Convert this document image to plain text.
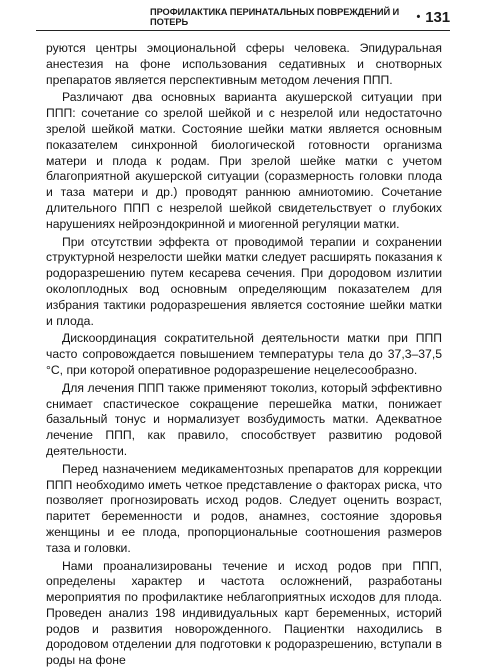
ПРОФИЛАКТИКА ПЕРИНАТАЛЬНЫХ ПОВРЕЖДЕНИЙ И ПОТЕРЬ	• 131

руются центры эмоциональной сферы человека. Эпидуральная анестезия на фоне использования седативных и снотворных препаратов является перспективным методом лечения ППП.

Различают два основных варианта акушерской ситуации при ППП: сочетание со зрелой шейкой и с незрелой или недостаточно зрелой шейкой матки. Состояние шейки матки является основным показателем синхронной биологической готовности организма матери и плода к родам. При зрелой шейке матки с учетом благоприятной акушерской ситуации (соразмерность головки плода и таза матери и др.) проводят раннюю амниотомию. Сочетание длительного ППП с незрелой шейкой свидетельствует о глубоких нарушениях нейроэндокринной и миогенной регуляции матки.

При отсутствии эффекта от проводимой терапии и сохранении структурной незрелости шейки матки следует расширять показания к родоразрешению путем кесарева сечения. При дородовом излитии околоплодных вод основным определяющим показателем для избрания тактики родоразрешения является состояние шейки матки и плода.

Дискоординация сократительной деятельности матки при ППП часто сопровождается повышением температуры тела до 37,3–37,5 °С, при которой оперативное родоразрешение нецелесообразно.

Для лечения ППП также применяют токолиз, который эффективно снимает спастическое сокращение перешейка матки, понижает базальный тонус и нормализует возбудимость матки. Адекватное лечение ППП, как правило, способствует развитию родовой деятельности.

Перед назначением медикаментозных препаратов для коррекции ППП необходимо иметь четкое представление о факторах риска, что позволяет прогнозировать исход родов. Следует оценить возраст, паритет беременности и родов, анамнез, состояние здоровья женщины и ее плода, пропорциональные соотношения размеров таза и головки.

Нами проанализированы течение и исход родов при ППП, определены характер и частота осложнений, разработаны мероприятия по профилактике неблагоприятных исходов для плода. Проведен анализ 198 индивидуальных карт беременных, историй родов и развития новорожденного. Пациентки находились в дородовом отделении для подготовки к родоразрешению, вступали в роды на фоне
